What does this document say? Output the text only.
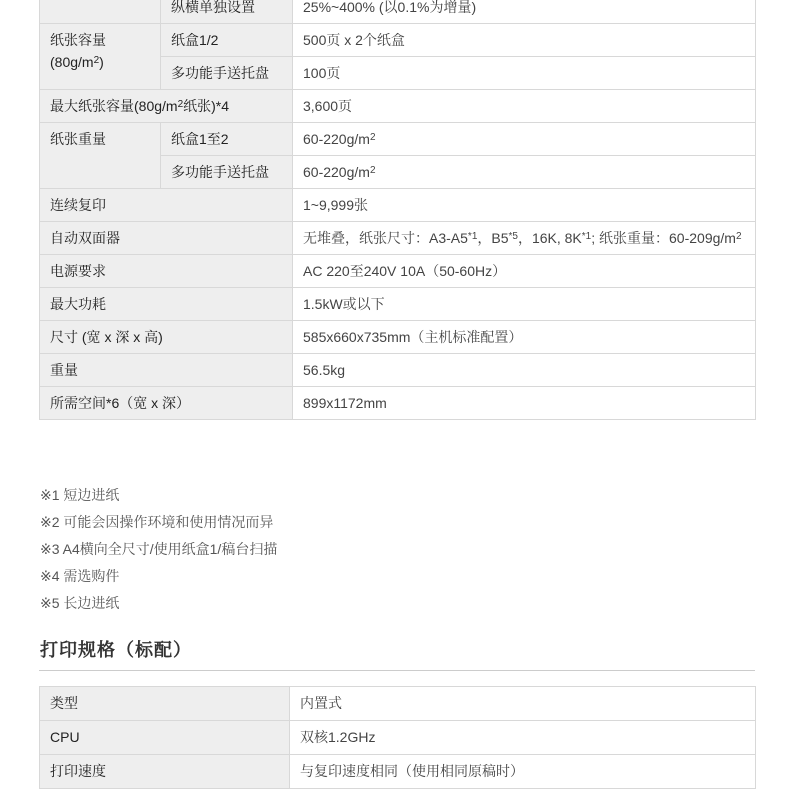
	纵横单独设置	25%~400% (以0.1%为增量)
纸张容量
$(80g/m^2)$	纸盒1/2	500页 x 2个纸盒
	多功能手送托盘	100页
最大纸张容量($80g/m^2$纸张)*4		3,600页
纸张重量	纸盒1至2	$60-220g/m^2$
	多功能手送托盘	$60-220g/m^2$
连续复印		1~9,999张
自动双面器		无堆叠，纸张尺寸：A3-A5$^{*1}$，B5$^{*5}$，16K, $8K^{*1}$; 纸张重量：$60-209g/m^2$
电源要求		AC 220至240V 10A（50-60Hz）
最大功耗		1.5kW或以下
尺寸 (宽 x 深 x 高)		585x660x735mm（主机标准配置）
重量		56.5kg
所需空间*6（宽 x 深）		899x1172mm
※1 短边进纸
※2 可能会因操作环境和使用情况而异
※3 A4横向全尺寸/使用纸盒1/稿台扫描
※4 需选购件
※5 长边进纸
打印规格（标配）
类型	内置式
CPU	双核1.2GHz
打印速度	与复印速度相同（使用相同原稿时）
